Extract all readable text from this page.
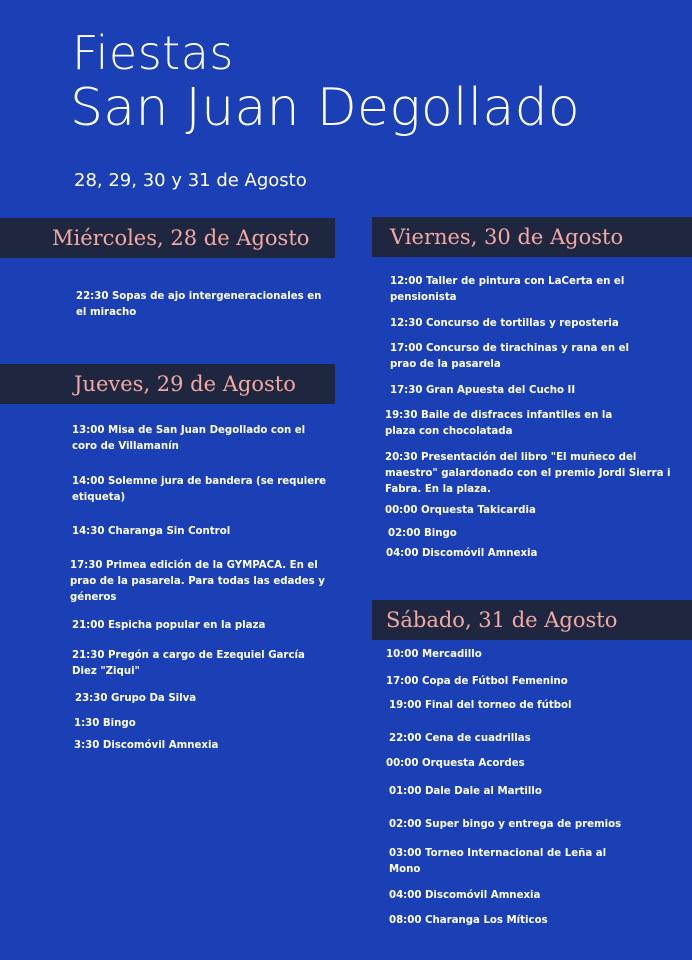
Fiestas
San Juan Degollado
28, 29, 30 y 31 de Agosto
Miércoles, 28 de Agosto
22:30 Sopas de ajo intergeneracionales en el miracho
Jueves, 29 de Agosto
13:00 Misa de San Juan Degollado con el coro de Villamanín
14:00 Solemne jura de bandera (se requiere etiqueta)
14:30 Charanga Sin Control
17:30 Primea edición de la GYMPACA. En el prao de la pasarela. Para todas las edades y géneros
21:00 Espicha popular en la plaza
21:30 Pregón a cargo de Ezequiel García Diez "Ziqui"
23:30 Grupo Da Silva
1:30 Bingo
3:30 Discomóvil Amnexia
Viernes, 30 de Agosto
12:00 Taller de pintura con LaCerta en el pensionista
12:30 Concurso de tortillas y reposteria
17:00 Concurso de tirachinas y rana en el prao de la pasarela
17:30 Gran Apuesta del Cucho II
19:30 Baile de disfraces infantiles en la plaza con chocolatada
20:30 Presentación del libro "El muñeco del maestro" galardonado con el premio Jordi Sierra i Fabra. En la plaza.
00:00 Orquesta Takicardia
02:00 Bingo
04:00 Discomóvil Amnexia
Sábado, 31 de Agosto
10:00 Mercadillo
17:00 Copa de Fútbol Femenino
19:00 Final del torneo de fútbol
22:00 Cena de cuadrillas
00:00 Orquesta Acordes
01:00 Dale Dale al Martillo
02:00 Super bingo y entrega de premios
03:00 Torneo Internacional de Leña al Mono
04:00 Discomóvil Amnexia
08:00 Charanga Los Míticos
